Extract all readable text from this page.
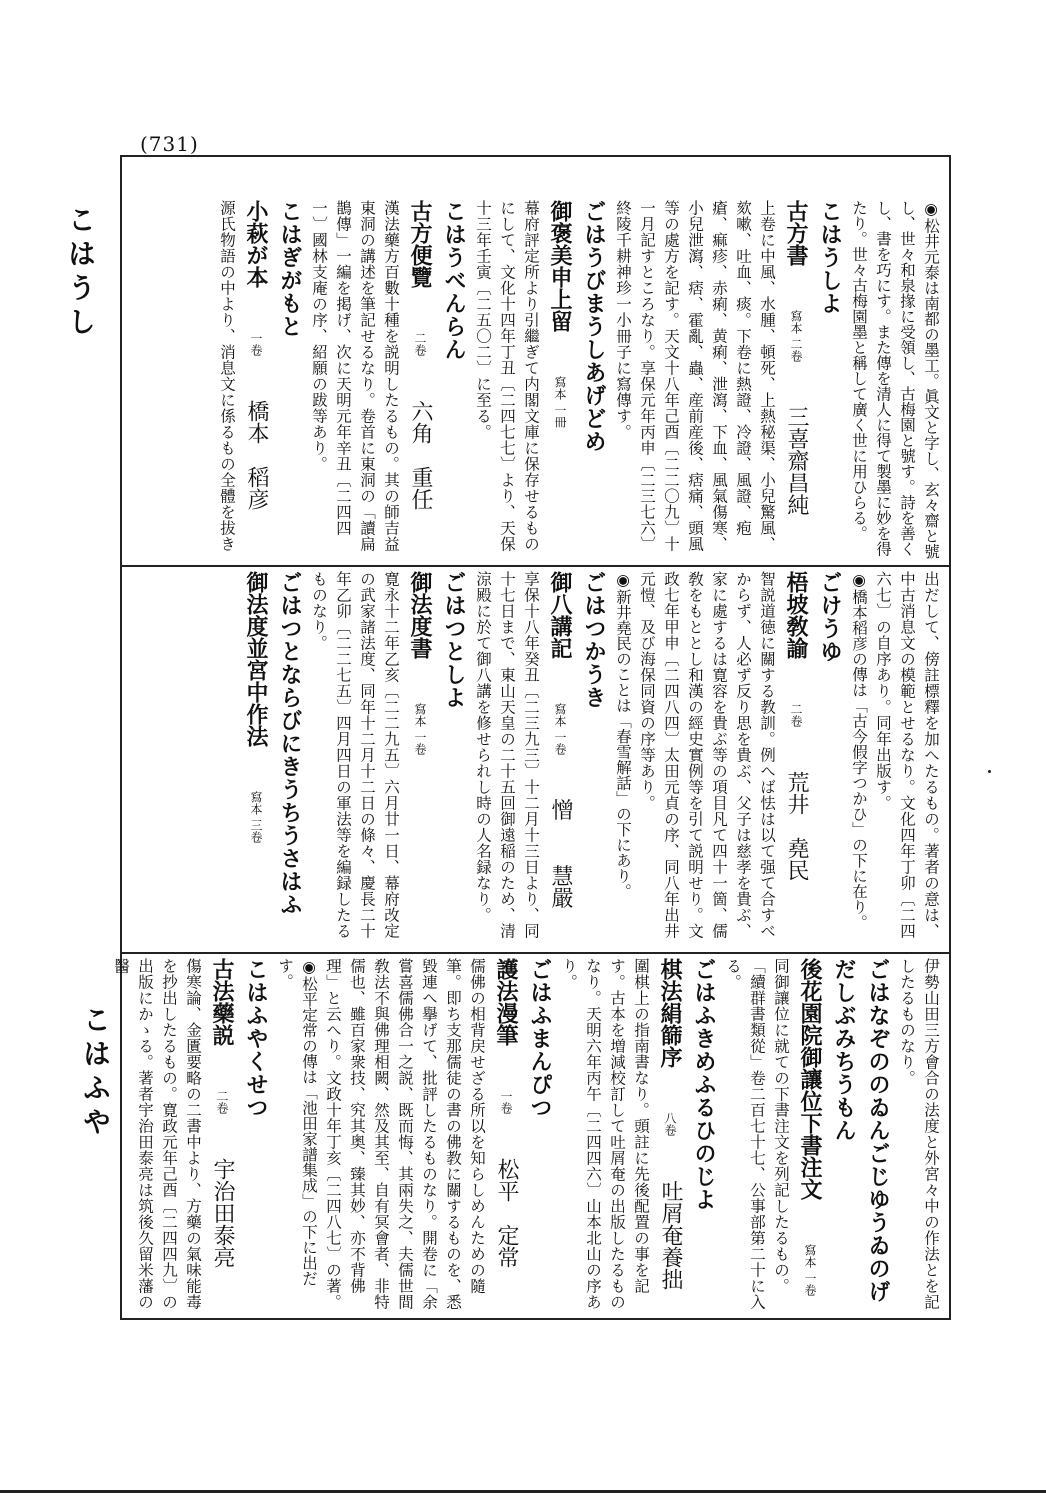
(731)
こはうし
こはふや
◉松井元泰は南都の墨工。眞文と字し、玄々齋と號し、世々和泉掾に受領し、古梅園と號す。詩を善くし、書を巧にす。また傳を清人に得て製墨に妙を得たり。世々古梅園墨と稱して廣く世に用ひらる。
こはうしよ
古方書　　寫本 二卷　　三喜齋昌純
上卷に中風、水腫、頓死、上熱秘渠、小兒驚風、欬嗽、吐血、痰。下卷に熱證、冷證、風證、疱瘡、痲疹、赤痢、黄痢、泄瀉、下血、風氣傷寒、小兒泄瀉、痞、霍亂、蟲、産前産後、痞痛、頭風等の處方を記す。天文十八年己酉〔二二〇九〕十一月記すところなり。享保元年丙申〔二三七六〕終陵千耕神珍一小冊子に寫傳す。
ごはうびまうしあげどめ
御褒美申上留　　寫本 一冊
幕府評定所より引繼ぎて内閣文庫に保存せるものにして、文化十四年丁丑〔二四七七〕より、天保十三年壬寅〔二五〇二〕に至る。
こはうべんらん
古方便覽　　二卷　　六角　重任
漢法藥方百數十種を説明したるもの。其の師吉益東洞の講述を筆記せるなり。卷首に東洞の「讀扁鵲傳」一編を掲げ、次に天明元年辛丑〔二四四一〕國林支庵の序、紹願の跋等あり。
こはぎがもと
小萩が本　　一卷　　橋本　稻彦
源氏物語の中より、消息文に係るもの全體を拔き
出だして、傍註標釋を加へたるもの。著者の意は、中古消息文の模範とせるなり。文化四年丁卯〔二四六七〕の自序あり。同年出版す。
◉橋本稻彦の傳は「古今假字つかひ」の下に在り。
ごけうゆ
梧坡敎諭　　二卷　　荒井　堯民
智説道徳に關する教訓。例へば怯は以て强て合すべからず、人必ず反り思を貴ぶ、父子は慈孝を貴ぶ、家に處するは寛容を貴ぶ等の項目凡て四十一箇、儒敎をもととし和漢の經史實例等を引て説明せり。文政七年甲申〔二四八四〕太田元貞の序、同八年出井元愷、及び海保同資の序等あり。
◉新井堯民のことは「春雪解話」の下にあり。
ごはつかうき
御八講記　　寫本 一卷　　憎　　慧嚴
享保十八年癸丑〔二三九三〕十二月十三日より、同十七日まで、東山天皇の二十五回御遠稲のため、清涼殿に於て御八講を修せられし時の人名録なり。
ごはつとしよ
御法度書　　寫本 一卷
寛永十二年乙亥〔二二九五〕六月廿一日、幕府改定の武家諸法度、同年十二月十二日の條々、慶長二十年乙卯〔二二七五〕四月四日の軍法等を編録したるものなり。
ごはつとならびにきうちうさはふ
御法度並宮中作法　　寫本 三卷
伊勢山田三方會合の法度と外宮々中の作法とを記したるものなり。
ごはなぞののゐんごじゆうゐのげだしぶみちうもん
後花園院御讓位下書注文　　寫本 一卷
同御讓位に就ての下書注文を列記したるもの。「續群書類從」卷二百七十七、公事部第二十に入る。
ごはふきめふるひのじよ
棋法絹篩序　　八卷　　吐屑奄養拙
圍棋上の指南書なり。頭註に先後配置の事を記す。古本を増減校訂して吐屑奄の出版したるものなり。天明六年丙午〔二四四六〕山本北山の序あり。
ごはふまんぴつ
護法漫筆　　一卷　　松平　定常
儒佛の相背戻せざる所以を知らしめんための隨筆。即ち支那儒徒の書の佛教に關するものを、悉毀連へ擧げて、批評したるものなり。開卷に「余嘗喜儒佛合一之説、既而悔、其兩失之、夫儒世間敎法不與佛理相闕、然及其至、自有冥會者、非特儒也、雖百家衆技、究其奥、臻其妙、亦不背佛理」と云へり。文政十年丁亥〔二四八七〕の著。
◉松平定常の傳は「池田家譜集成」の下に出だす。
こはふやくせつ
古法藥説　　二卷　　宇治田泰亮
傷寒論、金匱要略の二書中より、方藥の氣味能毒を抄出したるもの。寛政元年己酉〔二四四九〕の出版にかゝる。著者宇治田泰亮は筑後久留米藩の醫
